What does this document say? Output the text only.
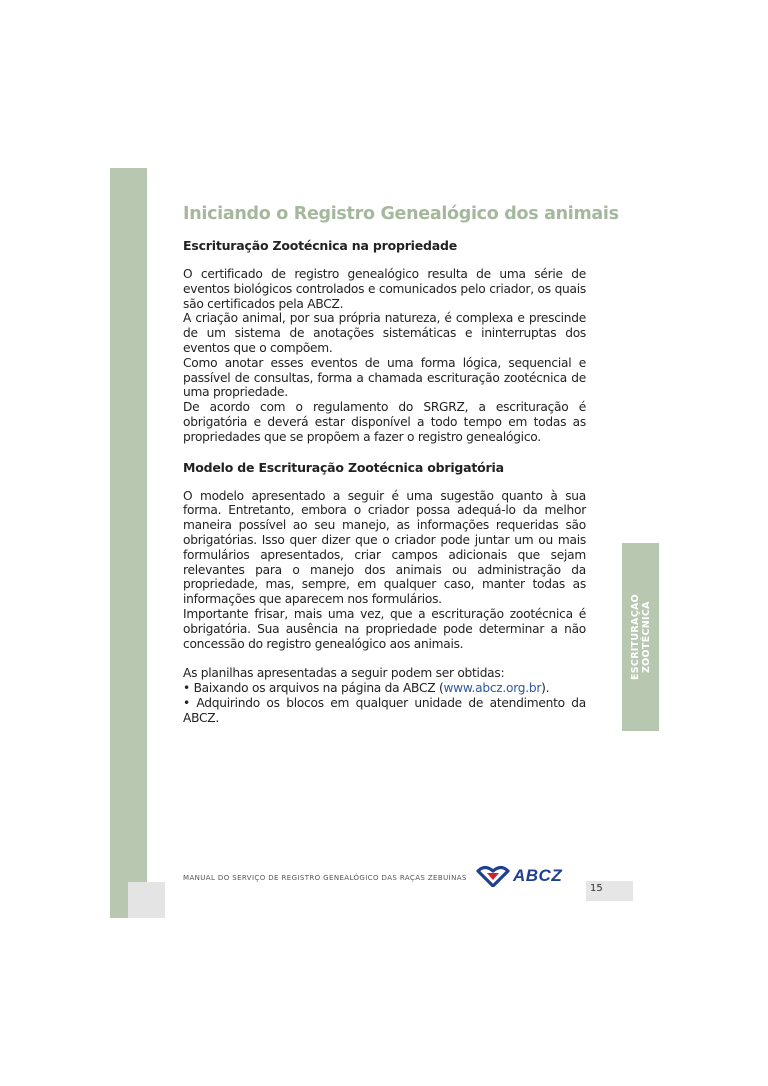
Iniciando o Registro Genealógico dos animais
Escrituração Zootécnica na propriedade

O certificado de registro genealógico resulta de uma série de eventos biológicos controlados e comunicados pelo criador, os quais são certificados pela ABCZ.

A criação animal, por sua própria natureza, é complexa e prescinde de um sistema de anotações sistemáticas e ininterruptas dos eventos que o compõem.

Como anotar esses eventos de uma forma lógica, sequencial e passível de consultas, forma a chamada escrituração zootécnica de uma propriedade.

De acordo com o regulamento do SRGRZ, a escrituração é obrigatória e deverá estar disponível a todo tempo em todas as propriedades que se propõem a fazer o registro genealógico.

Modelo de Escrituração Zootécnica obrigatória

O modelo apresentado a seguir é uma sugestão quanto à sua forma. Entretanto, embora o criador possa adequá-lo da melhor maneira possível ao seu manejo, as informações requeridas são obrigatórias. Isso quer dizer que o criador pode juntar um ou mais formulários apresentados, criar campos adicionais que sejam relevantes para o manejo dos animais ou administração da propriedade, mas, sempre, em qualquer caso, manter todas as informações que aparecem nos formulários.

Importante frisar, mais uma vez, que a escrituração zootécnica é obrigatória. Sua ausência na propriedade pode determinar a não concessão do registro genealógico aos animais.

As planilhas apresentadas a seguir podem ser obtidas:

• Baixando os arquivos na página da ABCZ (www.abcz.org.br).

• Adquirindo os blocos em qualquer unidade de atendimento da ABCZ.

ESCRITURAÇÃO
ZOOTÉCNICA
MANUAL DO SERVIÇO DE REGISTRO GENEALÓGICO DAS RAÇAS ZEBUÍNAS	ABCZ
15
